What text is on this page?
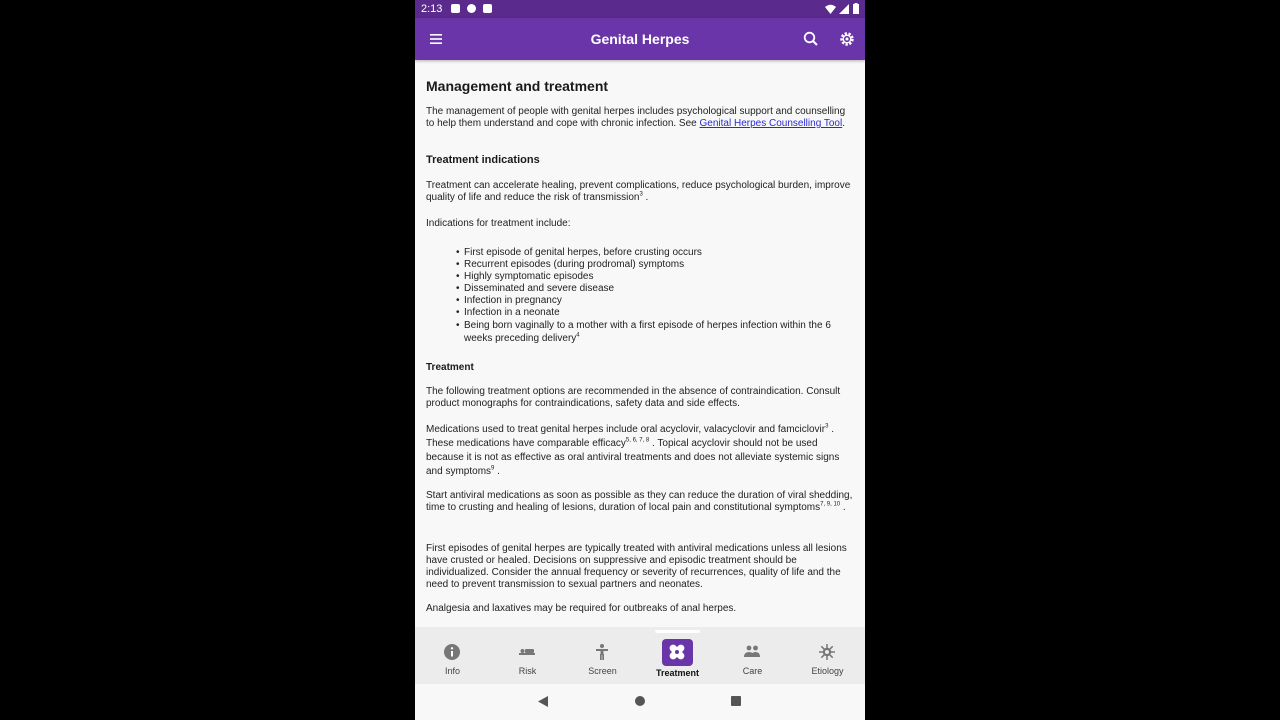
2:13
Genital Herpes
Management and treatment
The management of people with genital herpes includes psychological support and counselling to help them understand and cope with chronic infection. See Genital Herpes Counselling Tool.
Treatment indications
Treatment can accelerate healing, prevent complications, reduce psychological burden, improve quality of life and reduce the risk of transmission$^3$ .
Indications for treatment include:
• First episode of genital herpes, before crusting occurs
• Recurrent episodes (during prodromal) symptoms
• Highly symptomatic episodes
• Disseminated and severe disease
• Infection in pregnancy
• Infection in a neonate
• Being born vaginally to a mother with a first episode of herpes infection within the 6 weeks preceding delivery$^4$
Treatment
The following treatment options are recommended in the absence of contraindication. Consult product monographs for contraindications, safety data and side effects.
Medications used to treat genital herpes include oral acyclovir, valacyclovir and famciclovir$^3$ . These medications have comparable efficacy$^{5, 6, 7, 8}$ . Topical acyclovir should not be used because it is not as effective as oral antiviral treatments and does not alleviate systemic signs and symptoms$^9$ .
Start antiviral medications as soon as possible as they can reduce the duration of viral shedding, time to crusting and healing of lesions, duration of local pain and constitutional symptoms$^{7, 9, 10}$ .
First episodes of genital herpes are typically treated with antiviral medications unless all lesions have crusted or healed. Decisions on suppressive and episodic treatment should be individualized. Consider the annual frequency or severity of recurrences, quality of life and the need to prevent transmission to sexual partners and neonates.
Analgesia and laxatives may be required for outbreaks of anal herpes.
Info	Risk	Screen	Treatment	Care	Etiology
